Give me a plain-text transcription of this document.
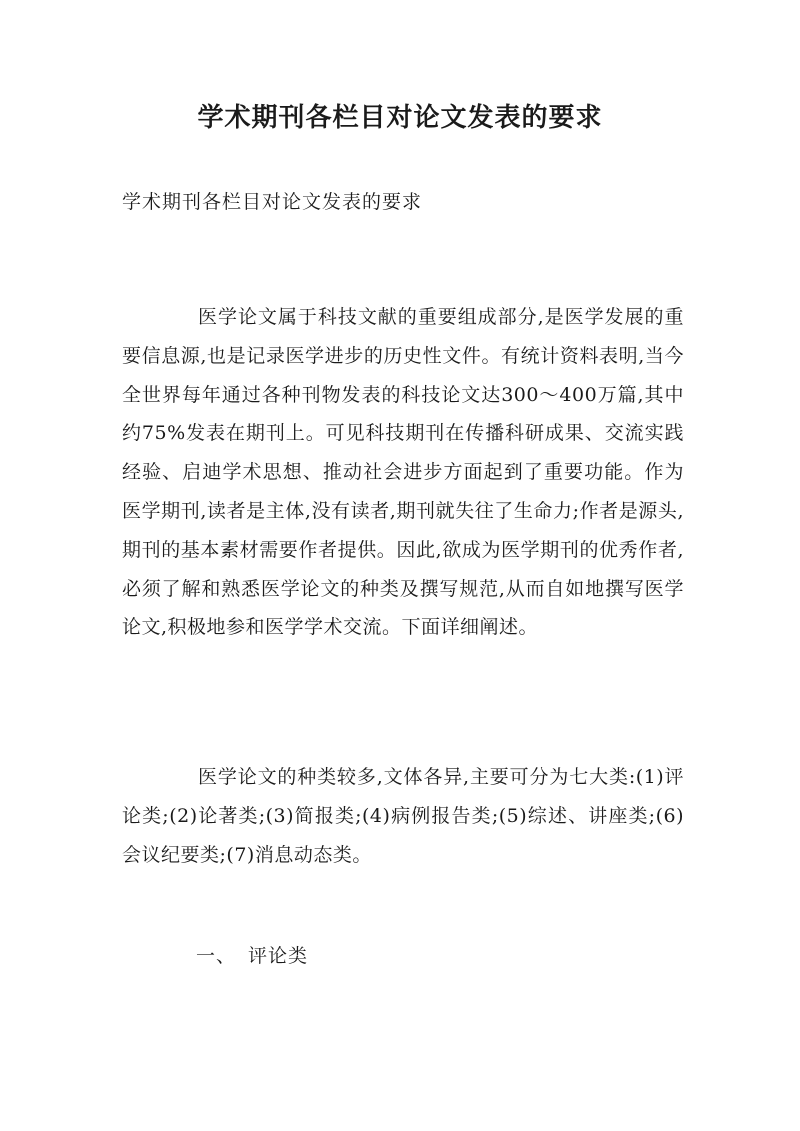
学术期刊各栏目对论文发表的要求

学术期刊各栏目对论文发表的要求

医学论文属于科技文献的重要组成部分,是医学发展的重要信息源,也是记录医学进步的历史性文件。有统计资料表明,当今全世界每年通过各种刊物发表的科技论文达300～400万篇,其中约75%发表在期刊上。可见科技期刊在传播科研成果、交流实践经验、启迪学术思想、推动社会进步方面起到了重要功能。作为医学期刊,读者是主体,没有读者,期刊就失往了生命力;作者是源头,期刊的基本素材需要作者提供。因此,欲成为医学期刊的优秀作者,必须了解和熟悉医学论文的种类及撰写规范,从而自如地撰写医学论文,积极地参和医学学术交流。下面详细阐述。

医学论文的种类较多,文体各异,主要可分为七大类:(1)评论类;(2)论著类;(3)简报类;(4)病例报告类;(5)综述、讲座类;(6)会议纪要类;(7)消息动态类。

一、 评论类
